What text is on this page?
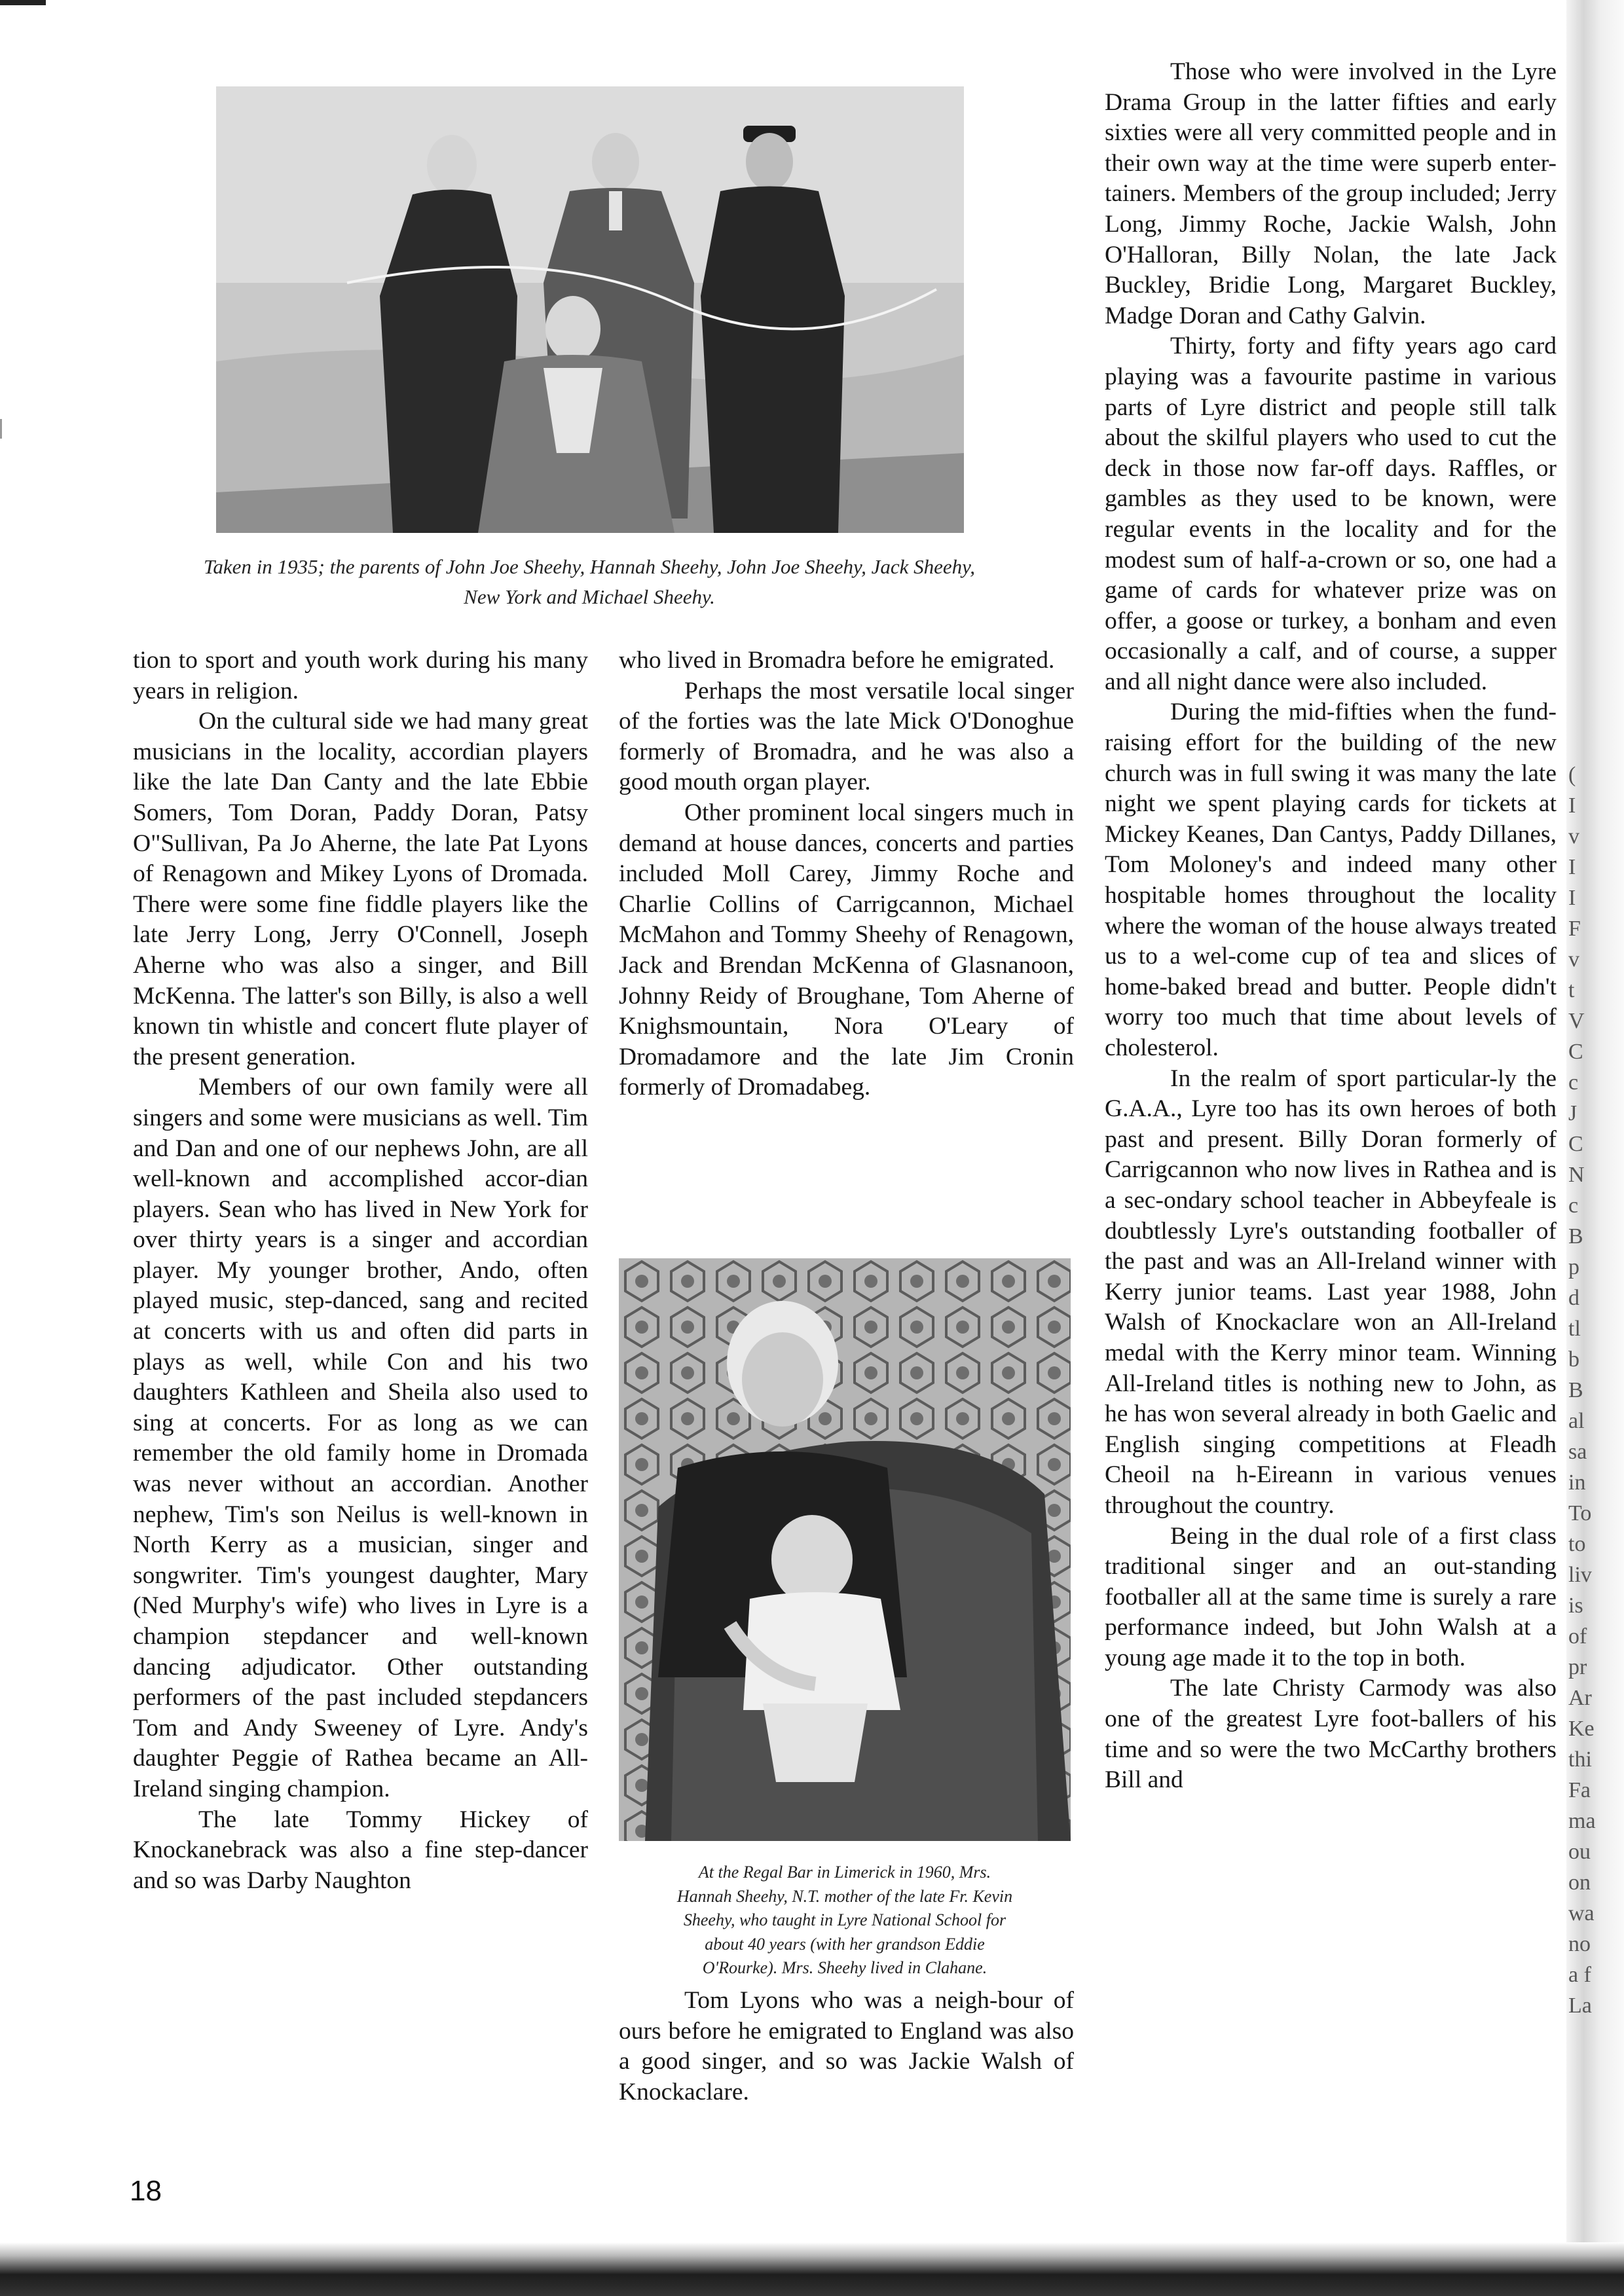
Taken in 1935; the parents of John Joe Sheehy, Hannah Sheehy, John Joe Sheehy, Jack Sheehy,
New York and Michael Sheehy.

tion to sport and youth work during his many years in religion.

On the cultural side we had many great musicians in the locality, accordian players like the late Dan Canty and the late Ebbie Somers, Tom Doran, Paddy Doran, Patsy O"Sullivan, Pa Jo Aherne, the late Pat Lyons of Renagown and Mikey Lyons of Dromada. There were some fine fiddle players like the late Jerry Long, Jerry O'Connell, Joseph Aherne who was also a singer, and Bill McKenna. The latter's son Billy, is also a well known tin whistle and concert flute player of the present generation.

Members of our own family were all singers and some were musicians as well. Tim and Dan and one of our nephews John, are all well-known and accomplished accor-dian players. Sean who has lived in New York for over thirty years is a singer and accordian player. My younger brother, Ando, often played music, step-danced, sang and recited at concerts with us and often did parts in plays as well, while Con and his two daughters Kathleen and Sheila also used to sing at concerts. For as long as we can remember the old family home in Dromada was never without an accordian. Another nephew, Tim's son Neilus is well-known in North Kerry as a musician, singer and songwriter. Tim's youngest daughter, Mary (Ned Murphy's wife) who lives in Lyre is a champion stepdancer and well-known dancing adjudicator. Other outstanding performers of the past included stepdancers Tom and Andy Sweeney of Lyre. Andy's daughter Peggie of Rathea became an All-Ireland singing champion.

The late Tommy Hickey of Knockanebrack was also a fine step-dancer and so was Darby Naughton

who lived in Bromadra before he emigrated.

Perhaps the most versatile local singer of the forties was the late Mick O'Donoghue formerly of Bromadra, and he was also a good mouth organ player.

Other prominent local singers much in demand at house dances, concerts and parties included Moll Carey, Jimmy Roche and Charlie Collins of Carrigcannon, Michael McMahon and Tommy Sheehy of Renagown, Jack and Brendan McKenna of Glasnanoon, Johnny Reidy of Broughane, Tom Aherne of Knighsmountain, Nora O'Leary of Dromadamore and the late Jim Cronin formerly of Dromadabeg.

At the Regal Bar in Limerick in 1960, Mrs.
Hannah Sheehy, N.T. mother of the late Fr. Kevin
Sheehy, who taught in Lyre National School for
about 40 years (with her grandson Eddie
O'Rourke). Mrs. Sheehy lived in Clahane.

Tom Lyons who was a neigh-bour of ours before he emigrated to England was also a good singer, and so was Jackie Walsh of Knockaclare.

Those who were involved in the Lyre Drama Group in the latter fifties and early sixties were all very committed people and in their own way at the time were superb enter-tainers. Members of the group included; Jerry Long, Jimmy Roche, Jackie Walsh, John O'Halloran, Billy Nolan, the late Jack Buckley, Bridie Long, Margaret Buckley, Madge Doran and Cathy Galvin.

Thirty, forty and fifty years ago card playing was a favourite pastime in various parts of Lyre district and people still talk about the skilful players who used to cut the deck in those now far-off days. Raffles, or gambles as they used to be known, were regular events in the locality and for the modest sum of half-a-crown or so, one had a game of cards for whatever prize was on offer, a goose or turkey, a bonham and even occasionally a calf, and of course, a supper and all night dance were also included.

During the mid-fifties when the fund-raising effort for the building of the new church was in full swing it was many the late night we spent playing cards for tickets at Mickey Keanes, Dan Cantys, Paddy Dillanes, Tom Moloney's and indeed many other hospitable homes throughout the locality where the woman of the house always treated us to a wel-come cup of tea and slices of home-baked bread and butter. People didn't worry too much that time about levels of cholesterol.

In the realm of sport particular-ly the G.A.A., Lyre too has its own heroes of both past and present. Billy Doran formerly of Carrigcannon who now lives in Rathea and is a sec-ondary school teacher in Abbeyfeale is doubtlessly Lyre's outstanding footballer of the past and was an All-Ireland winner with Kerry junior teams. Last year 1988, John Walsh of Knockaclare won an All-Ireland medal with the Kerry minor team. Winning All-Ireland titles is nothing new to John, as he has won several already in both Gaelic and English singing competitions at Fleadh Cheoil na h-Eireann in various venues throughout the country.

Being in the dual role of a first class traditional singer and an out-standing footballer all at the same time is surely a rare performance indeed, but John Walsh at a young age made it to the top in both.

The late Christy Carmody was also one of the greatest Lyre foot-ballers of his time and so were the two McCarthy brothers Bill and

(
I
v
I
I
F
v
t
V
C
c
J
C
N
c
B
p
d
tl
b
B
al
sa
in
To
to
liv
is
of
pr
Ar
Ke
thi
Fa
ma
ou
on
wa
no
a f
La
18
